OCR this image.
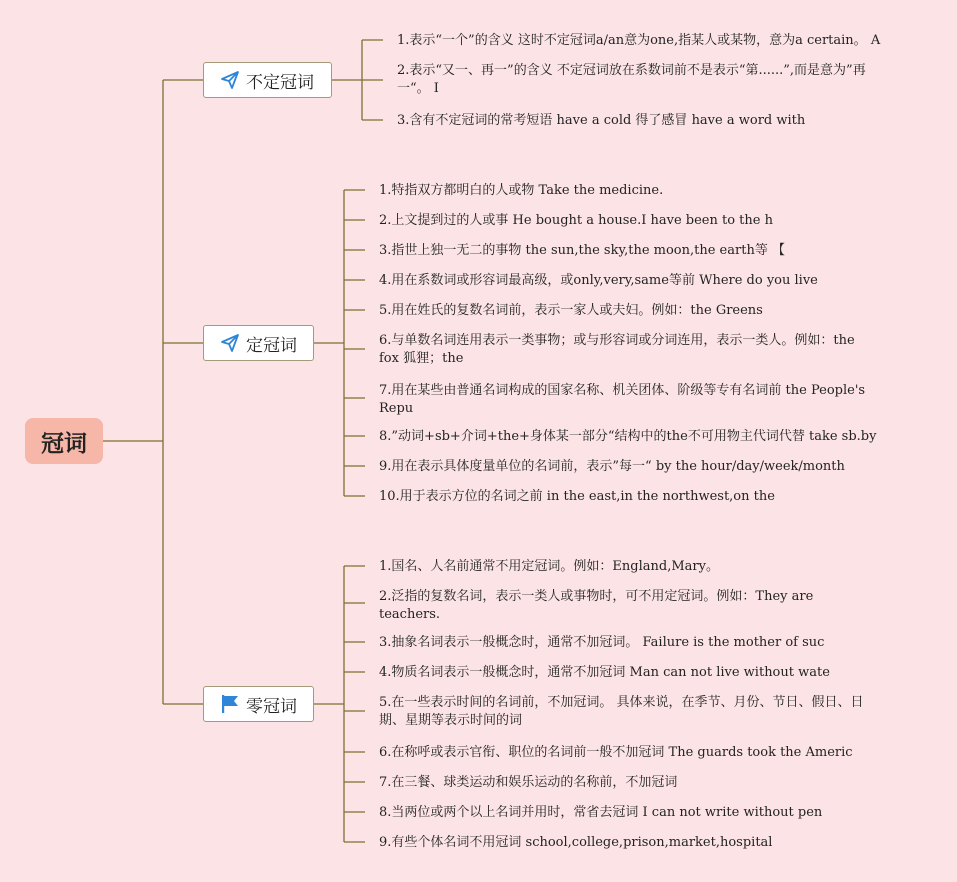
冠词
不定冠词
定冠词
零冠词
1.表示“一个”的含义 这时不定冠词a/an意为one,指某人或某物，意为a certain。 A
2.表示“又一、再一”的含义 不定冠词放在系数词前不是表示“第......”,而是意为”再一“。 I
3.含有不定冠词的常考短语 have a cold 得了感冒 have a word with
1.特指双方都明白的人或物 Take the medicine.
2.上文提到过的人或事 He bought a house.I have been to the h
3.指世上独一无二的事物 the sun,the sky,the moon,the earth等 【
4.用在系数词或形容词最高级，或only,very,same等前 Where do you live
5.用在姓氏的复数名词前，表示一家人或夫妇。例如：the Greens
6.与单数名词连用表示一类事物；或与形容词或分词连用，表示一类人。例如：the fox 狐狸；the
7.用在某些由普通名词构成的国家名称、机关团体、阶级等专有名词前 the People's Repu
8.”动词+sb+介词+the+身体某一部分“结构中的the不可用物主代词代替 take sb.by
9.用在表示具体度量单位的名词前，表示”每一“ by the hour/day/week/month
10.用于表示方位的名词之前 in the east,in the northwest,on the
1.国名、人名前通常不用定冠词。例如：England,Mary。
2.泛指的复数名词，表示一类人或事物时，可不用定冠词。例如：They are teachers.
3.抽象名词表示一般概念时，通常不加冠词。 Failure is the mother of suc
4.物质名词表示一般概念时，通常不加冠词 Man can not live without wate
5.在一些表示时间的名词前，不加冠词。 具体来说，在季节、月份、节日、假日、日期、星期等表示时间的词
6.在称呼或表示官衔、职位的名词前一般不加冠词 The guards took the Americ
7.在三餐、球类运动和娱乐运动的名称前，不加冠词
8.当两位或两个以上名词并用时，常省去冠词 I can not write without pen
9.有些个体名词不用冠词 school,college,prison,market,hospital
